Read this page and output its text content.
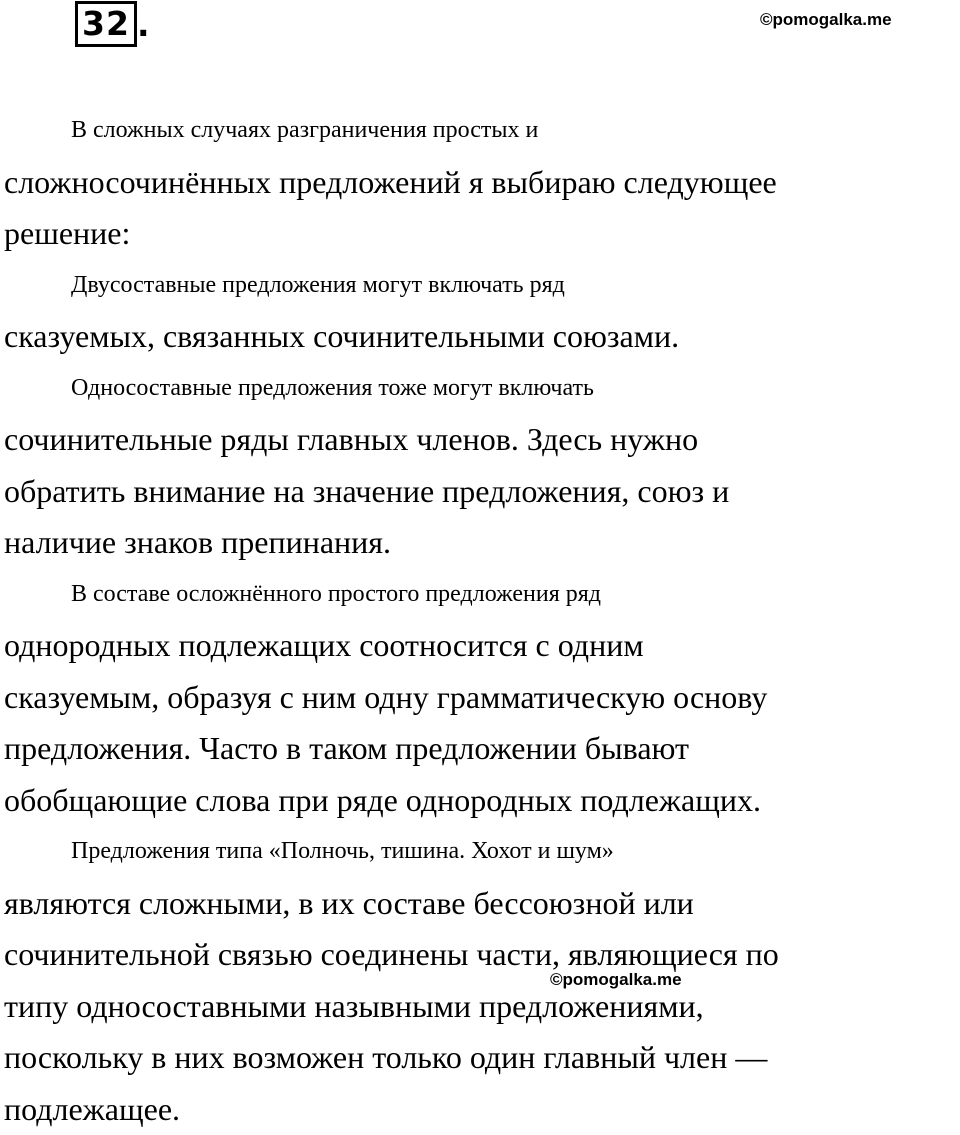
32 .	©pomogalka.me

В сложных случаях разграничения простых и
сложносочинённых предложений я выбираю следующее
решение:

Двусоставные предложения могут включать ряд
сказуемых, связанных сочинительными союзами.

Односоставные предложения тоже могут включать
сочинительные ряды главных членов. Здесь нужно
обратить внимание на значение предложения, союз и
наличие знаков препинания.

В составе осложнённого простого предложения ряд
однородных подлежащих соотносится с одним
сказуемым, образуя с ним одну грамматическую основу
предложения. Часто в таком предложении бывают
обобщающие слова при ряде однородных подлежащих.

Предложения типа «Полночь, тишина. Хохот и шум»
являются сложными, в их составе бессоюзной или
сочинительной связью соединены части, являющиеся по
типу односоставными назывными предложениями,
поскольку в них возможен только один главный член —
подлежащее.

©pomogalka.me
